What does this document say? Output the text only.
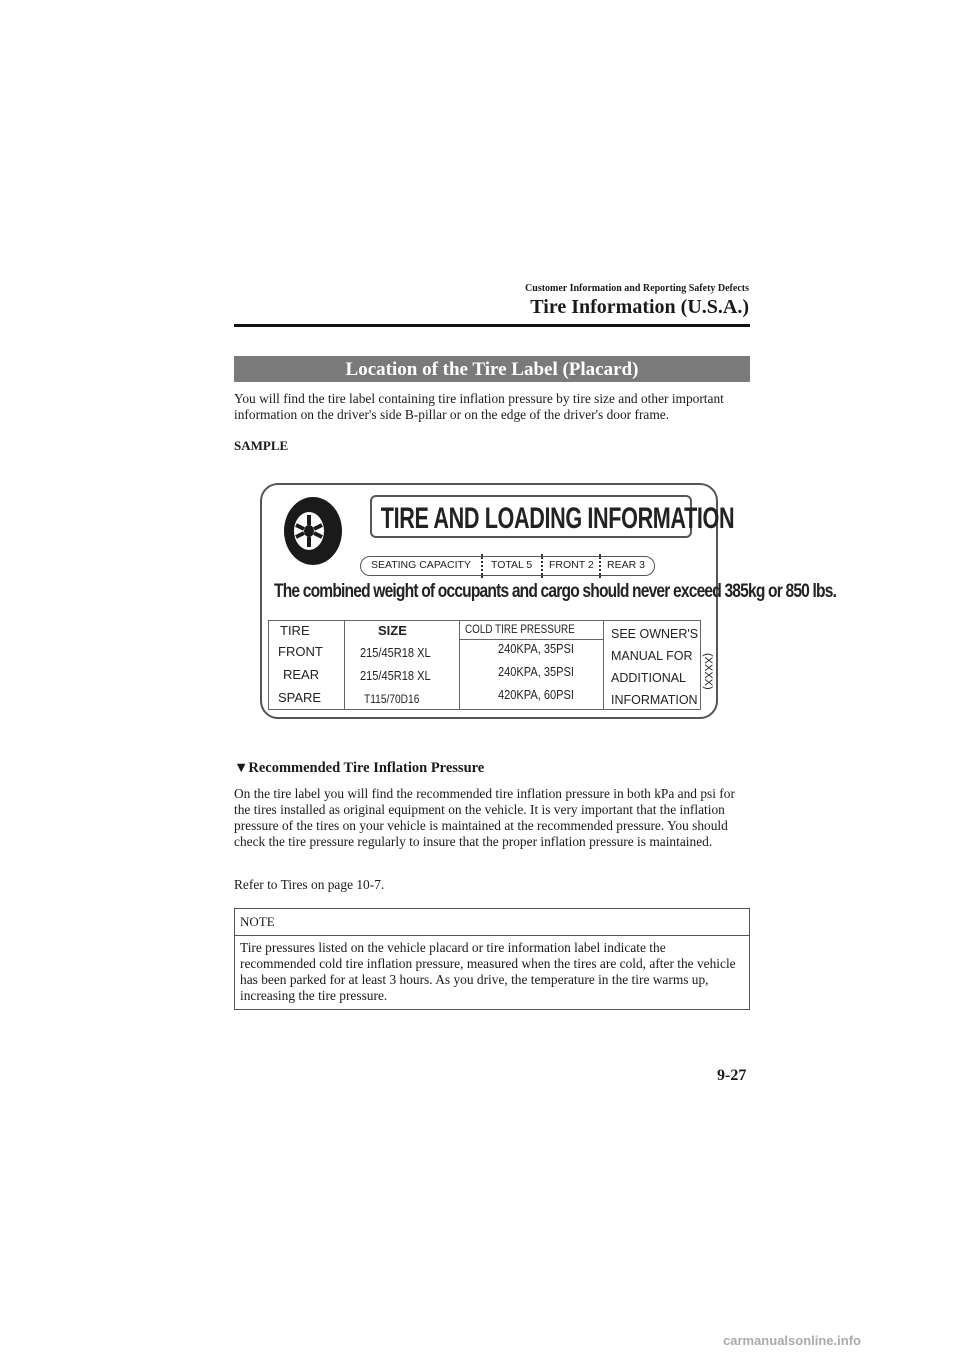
Customer Information and Reporting Safety Defects
Tire Information (U.S.A.)
Location of the Tire Label (Placard)
You will find the tire label containing tire inflation pressure by tire size and other important information on the driver's side B-pillar or on the edge of the driver's door frame.
SAMPLE
TIRE AND LOADING INFORMATION
SEATING CAPACITY TOTAL 5 FRONT 2 REAR 3
The combined weight of occupants and cargo should never exceed 385kg or 850 lbs.
TIRE	SIZE	COLD TIRE PRESSURE
FRONT	215/45R18 XL	240KPA, 35PSI
REAR	215/45R18 XL	240KPA, 35PSI
SPARE	T115/70D16	420KPA, 60PSI
SEE OWNER'S
MANUAL FOR
ADDITIONAL
INFORMATION
(XXXX)
▼Recommended Tire Inflation Pressure
On the tire label you will find the recommended tire inflation pressure in both kPa and psi for the tires installed as original equipment on the vehicle. It is very important that the inflation pressure of the tires on your vehicle is maintained at the recommended pressure. You should check the tire pressure regularly to insure that the proper inflation pressure is maintained.
Refer to Tires on page 10-7.
NOTE
Tire pressures listed on the vehicle placard or tire information label indicate the recommended cold tire inflation pressure, measured when the tires are cold, after the vehicle has been parked for at least 3 hours. As you drive, the temperature in the tire warms up, increasing the tire pressure.
9-27
carmanualsonline.info
